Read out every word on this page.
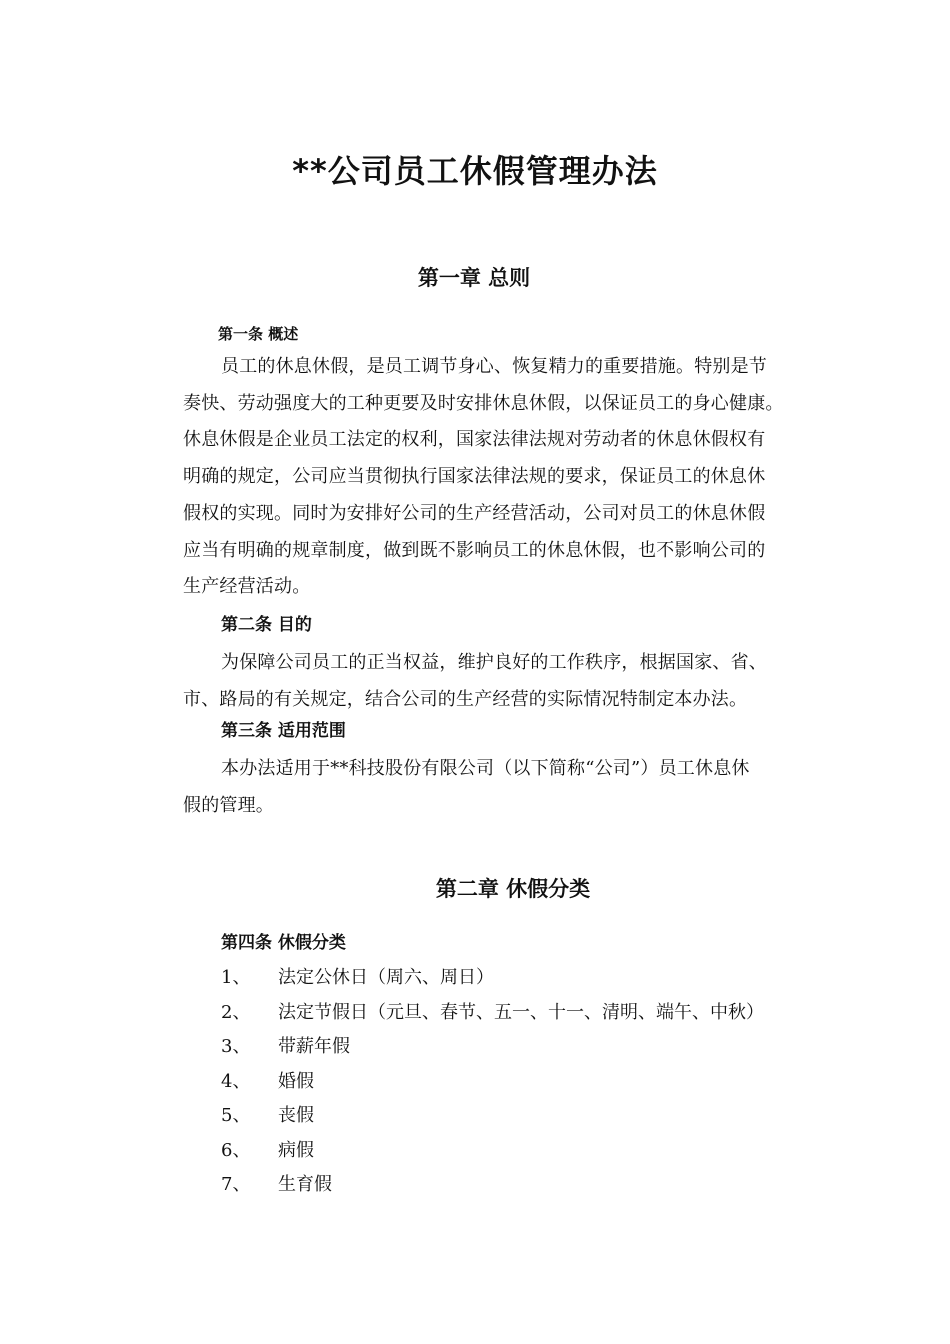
**公司员工休假管理办法
第一章 总则
第一条 概述

员工的休息休假，是员工调节身心、恢复精力的重要措施。特别是节
奏快、劳动强度大的工种更要及时安排休息休假，以保证员工的身心健康。
休息休假是企业员工法定的权利，国家法律法规对劳动者的休息休假权有
明确的规定，公司应当贯彻执行国家法律法规的要求，保证员工的休息休
假权的实现。同时为安排好公司的生产经营活动，公司对员工的休息休假
应当有明确的规章制度，做到既不影响员工的休息休假，也不影响公司的
生产经营活动。

第二条 目的

为保障公司员工的正当权益，维护良好的工作秩序，根据国家、省、
市、路局的有关规定，结合公司的生产经营的实际情况特制定本办法。

第三条 适用范围

本办法适用于**科技股份有限公司（以下简称“公司”）员工休息休
假的管理。

第二章 休假分类
第四条 休假分类
1、 法定公休日（周六、周日）
2、 法定节假日（元旦、春节、五一、十一、清明、端午、中秋）
3、 带薪年假
4、 婚假
5、 丧假
6、 病假
7、 生育假
